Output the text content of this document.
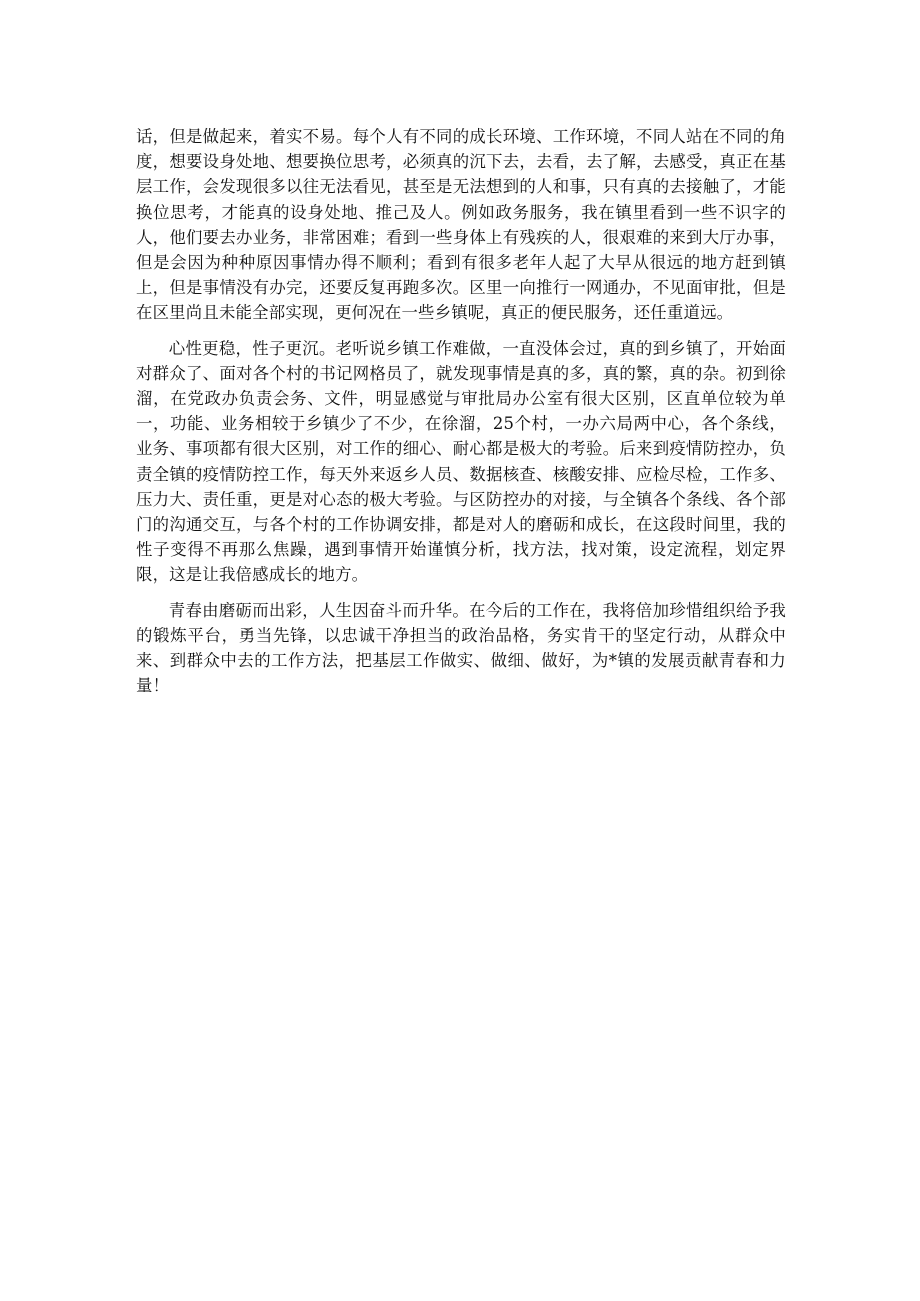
话，但是做起来，着实不易。每个人有不同的成长环境、工作环境，不同人站在不同的角度，想要设身处地、想要换位思考，必须真的沉下去，去看，去了解，去感受，真正在基层工作，会发现很多以往无法看见，甚至是无法想到的人和事，只有真的去接触了，才能换位思考，才能真的设身处地、推己及人。例如政务服务，我在镇里看到一些不识字的人，他们要去办业务，非常困难；看到一些身体上有残疾的人，很艰难的来到大厅办事，但是会因为种种原因事情办得不顺利；看到有很多老年人起了大早从很远的地方赶到镇上，但是事情没有办完，还要反复再跑多次。区里一向推行一网通办，不见面审批，但是在区里尚且未能全部实现，更何况在一些乡镇呢，真正的便民服务，还任重道远。

心性更稳，性子更沉。老听说乡镇工作难做，一直没体会过，真的到乡镇了，开始面对群众了、面对各个村的书记网格员了，就发现事情是真的多，真的繁，真的杂。初到徐溜，在党政办负责会务、文件，明显感觉与审批局办公室有很大区别，区直单位较为单一，功能、业务相较于乡镇少了不少，在徐溜，25个村，一办六局两中心，各个条线，业务、事项都有很大区别，对工作的细心、耐心都是极大的考验。后来到疫情防控办，负责全镇的疫情防控工作，每天外来返乡人员、数据核查、核酸安排、应检尽检，工作多、压力大、责任重，更是对心态的极大考验。与区防控办的对接，与全镇各个条线、各个部门的沟通交互，与各个村的工作协调安排，都是对人的磨砺和成长，在这段时间里，我的性子变得不再那么焦躁，遇到事情开始谨慎分析，找方法，找对策，设定流程，划定界限，这是让我倍感成长的地方。

青春由磨砺而出彩，人生因奋斗而升华。在今后的工作在，我将倍加珍惜组织给予我的锻炼平台，勇当先锋，以忠诚干净担当的政治品格，务实肯干的坚定行动，从群众中来、到群众中去的工作方法，把基层工作做实、做细、做好，为*镇的发展贡献青春和力量！
